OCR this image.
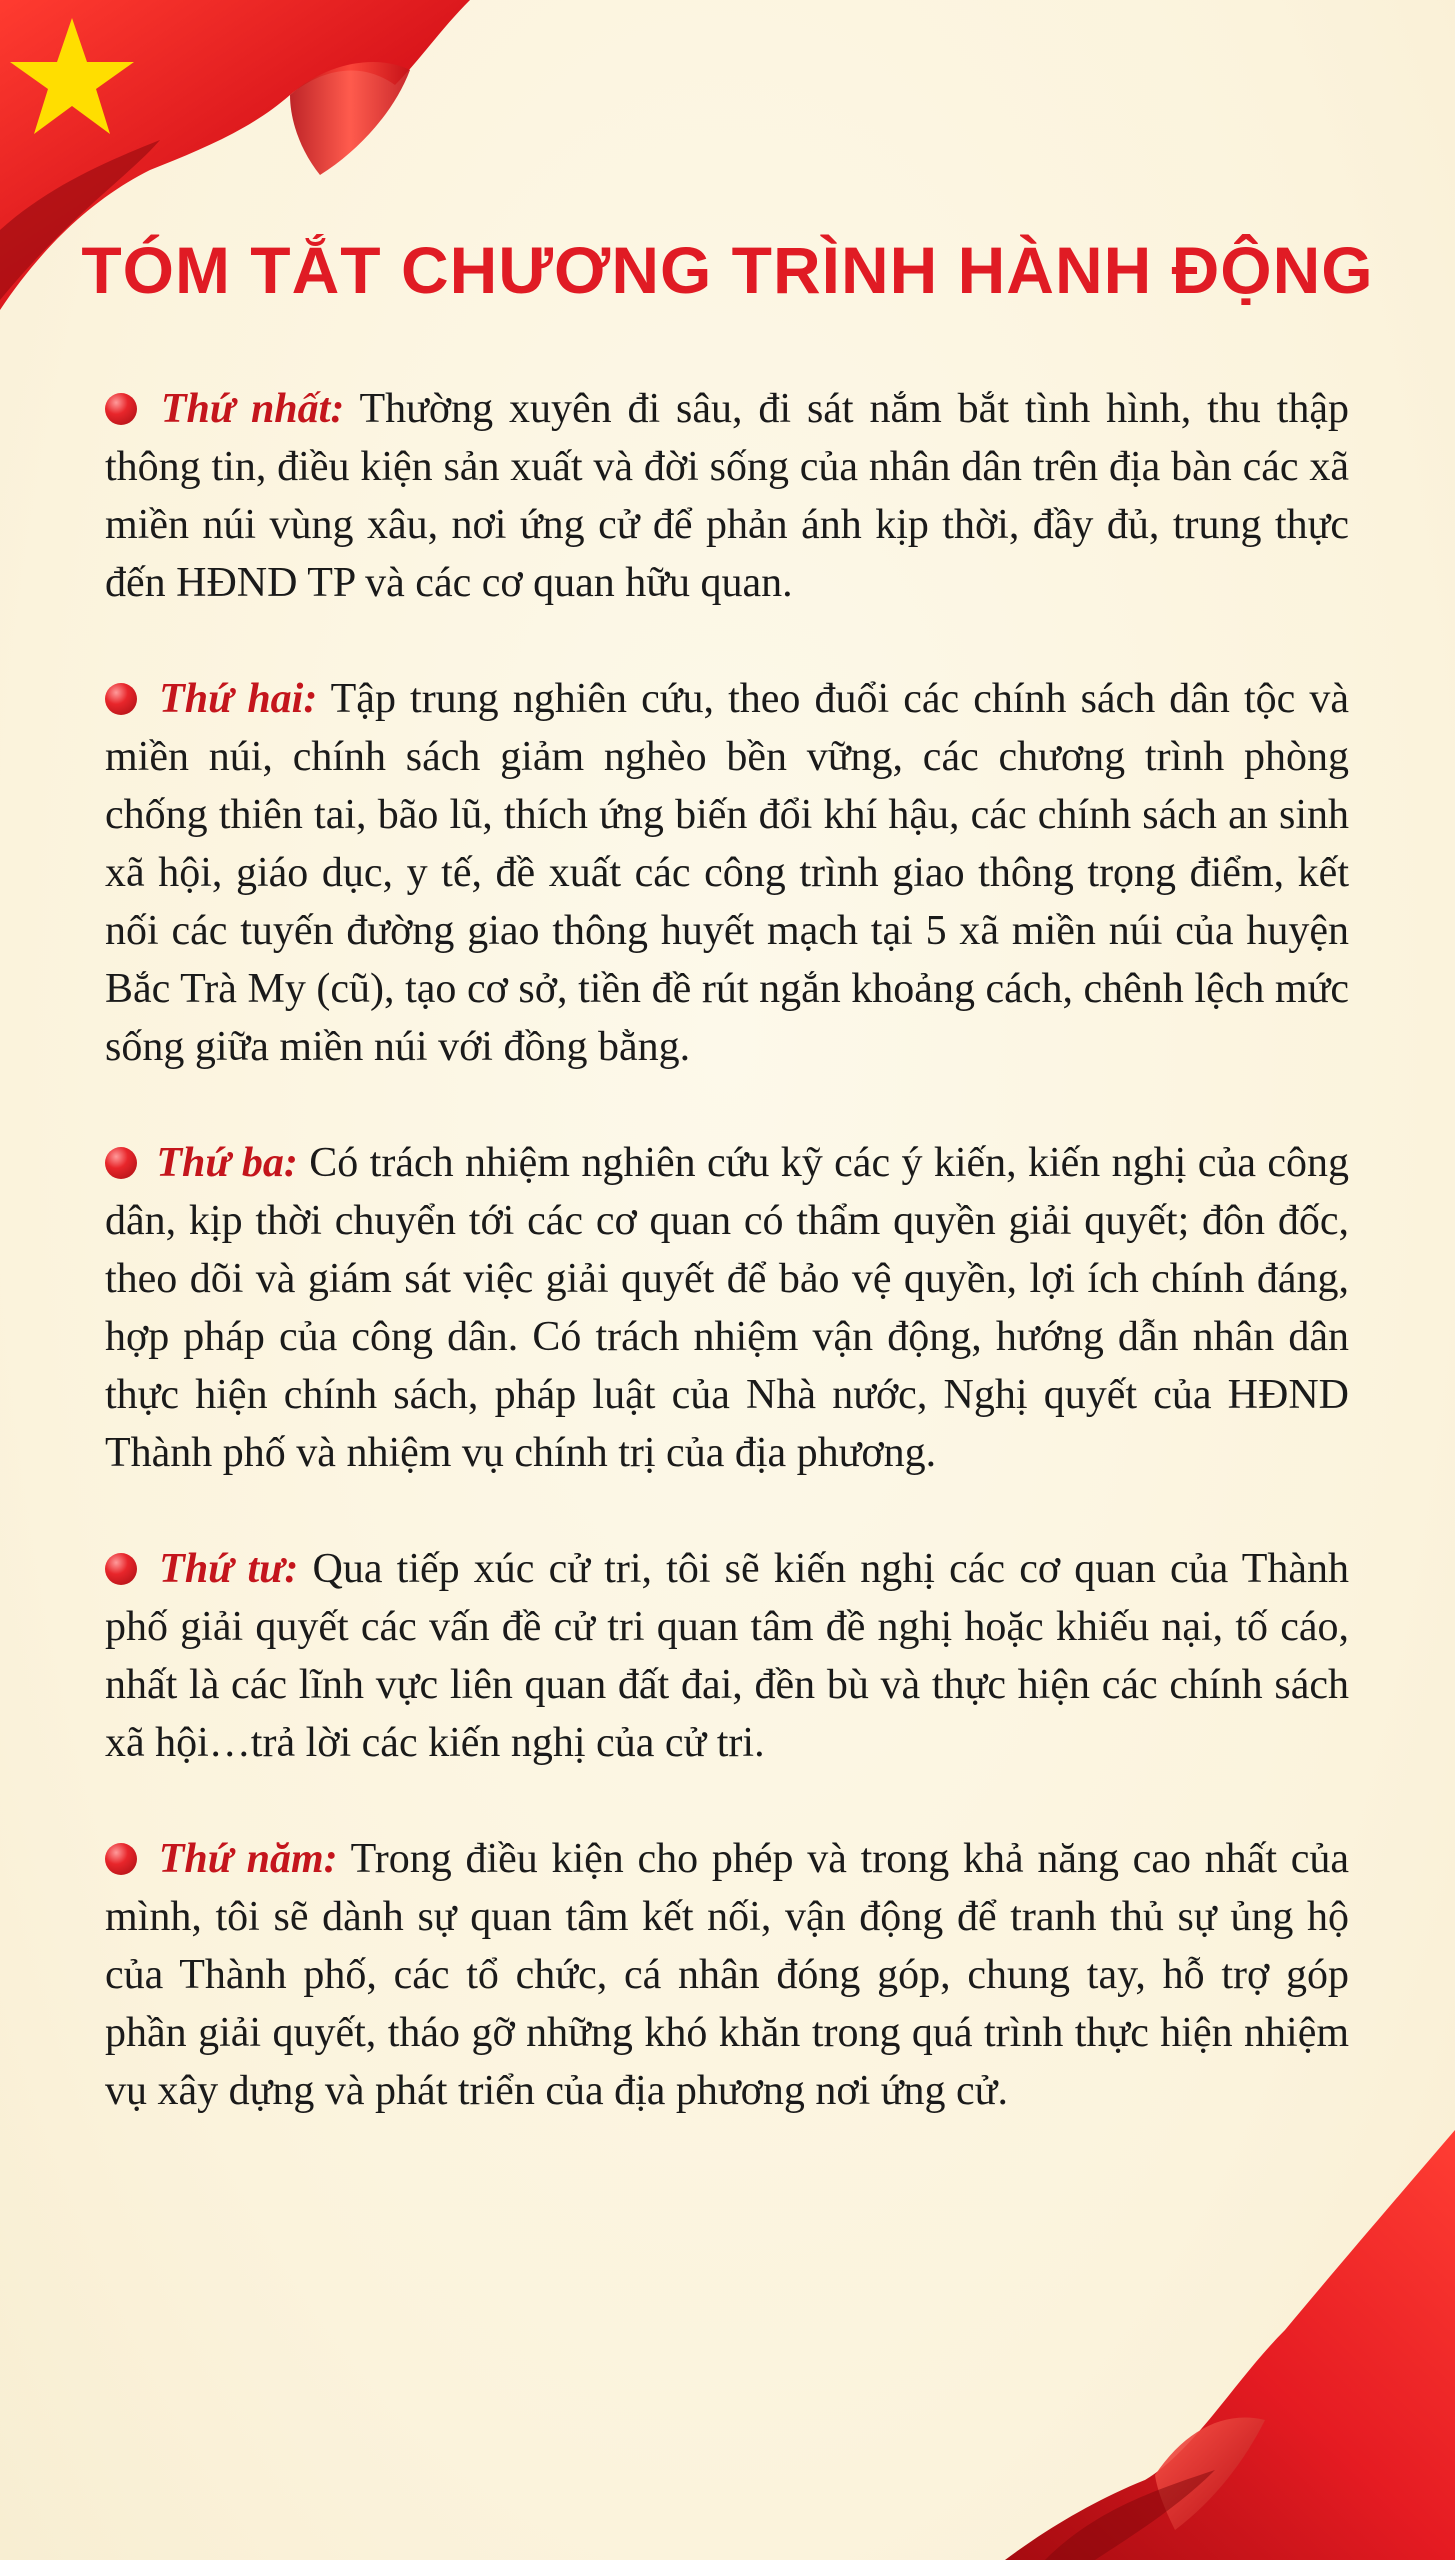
TÓM TẮT CHƯƠNG TRÌNH HÀNH ĐỘNG

Thứ nhất: Thường xuyên đi sâu, đi sát nắm bắt tình hình, thu thập thông tin, điều kiện sản xuất và đời sống của nhân dân trên địa bàn các xã miền núi vùng xâu, nơi ứng cử để phản ánh kịp thời, đầy đủ, trung thực đến HĐND TP và các cơ quan hữu quan.

Thứ hai: Tập trung nghiên cứu, theo đuổi các chính sách dân tộc và miền núi, chính sách giảm nghèo bền vững, các chương trình phòng chống thiên tai, bão lũ, thích ứng biến đổi khí hậu, các chính sách an sinh xã hội, giáo dục, y tế, đề xuất các công trình giao thông trọng điểm, kết nối các tuyến đường giao thông huyết mạch tại 5 xã miền núi của huyện Bắc Trà My (cũ), tạo cơ sở, tiền đề rút ngắn khoảng cách, chênh lệch mức sống giữa miền núi với đồng bằng.

Thứ ba: Có trách nhiệm nghiên cứu kỹ các ý kiến, kiến nghị của công dân, kịp thời chuyển tới các cơ quan có thẩm quyền giải quyết; đôn đốc, theo dõi và giám sát việc giải quyết để bảo vệ quyền, lợi ích chính đáng, hợp pháp của công dân. Có trách nhiệm vận động, hướng dẫn nhân dân thực hiện chính sách, pháp luật của Nhà nước, Nghị quyết của HĐND Thành phố và nhiệm vụ chính trị của địa phương.

Thứ tư: Qua tiếp xúc cử tri, tôi sẽ kiến nghị các cơ quan của Thành phố giải quyết các vấn đề cử tri quan tâm đề nghị hoặc khiếu nại, tố cáo, nhất là các lĩnh vực liên quan đất đai, đền bù và thực hiện các chính sách xã hội…trả lời các kiến nghị của cử tri.

Thứ năm: Trong điều kiện cho phép và trong khả năng cao nhất của mình, tôi sẽ dành sự quan tâm kết nối, vận động để tranh thủ sự ủng hộ của Thành phố, các tổ chức, cá nhân đóng góp, chung tay, hỗ trợ góp phần giải quyết, tháo gỡ những khó khăn trong quá trình thực hiện nhiệm vụ xây dựng và phát triển của địa phương nơi ứng cử.
